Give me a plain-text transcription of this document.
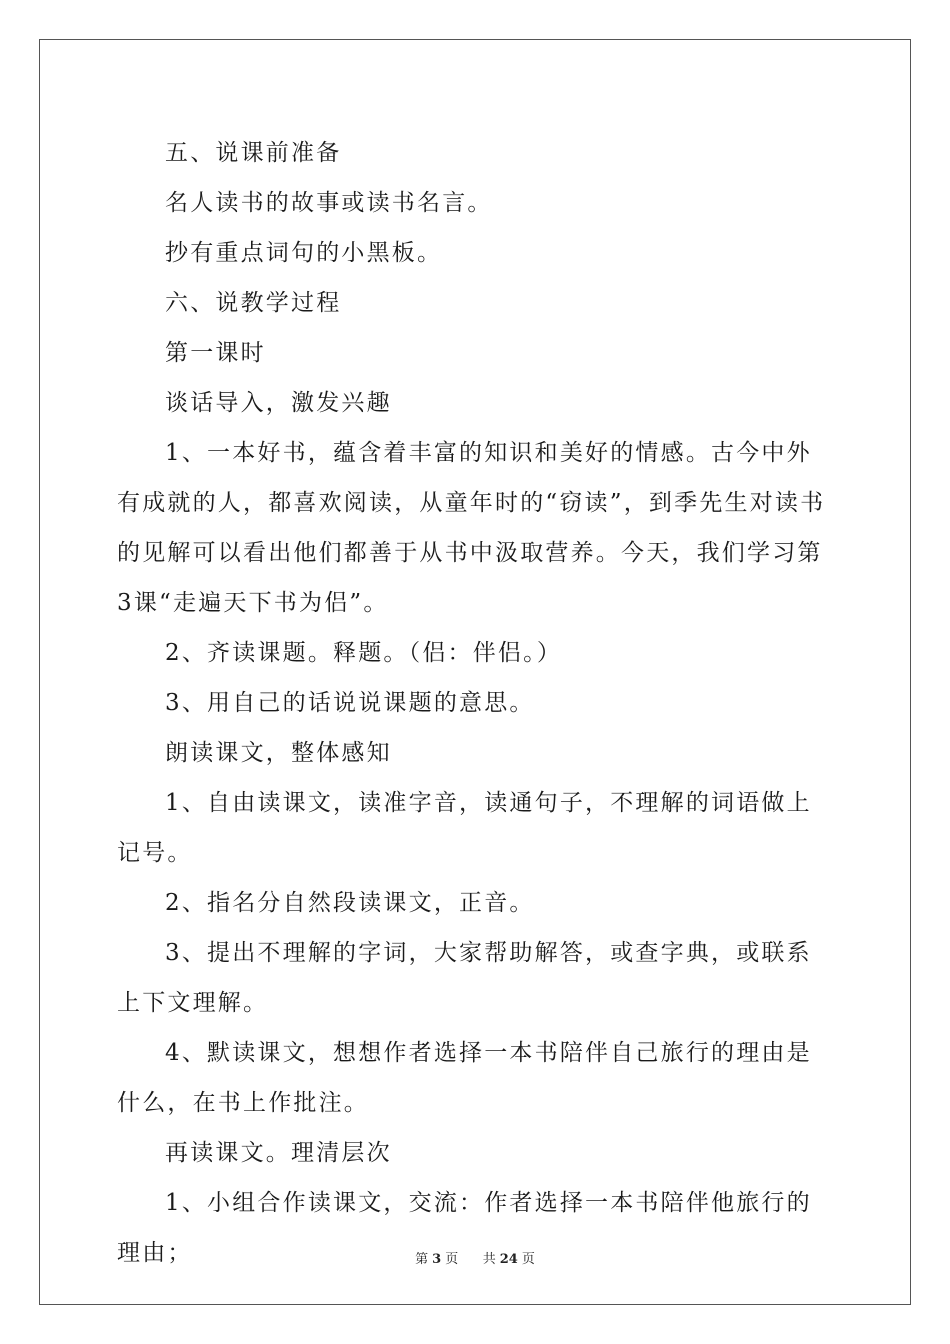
五、说课前准备

名人读书的故事或读书名言。

抄有重点词句的小黑板。

六、说教学过程

第一课时

谈话导入，激发兴趣

1、一本好书，蕴含着丰富的知识和美好的情感。古今中外有成就的人，都喜欢阅读，从童年时的“窃读”，到季先生对读书的见解可以看出他们都善于从书中汲取营养。今天，我们学习第3课“走遍天下书为侣”。

2、齐读课题。释题。（侣：伴侣。）

3、用自己的话说说课题的意思。

朗读课文，整体感知

1、自由读课文，读准字音，读通句子，不理解的词语做上记号。

2、指名分自然段读课文，正音。

3、提出不理解的字词，大家帮助解答，或查字典，或联系上下文理解。

4、默读课文，想想作者选择一本书陪伴自己旅行的理由是什么，在书上作批注。

再读课文。理清层次

1、小组合作读课文，交流：作者选择一本书陪伴他旅行的理由；	第 3 页 共 24 页
